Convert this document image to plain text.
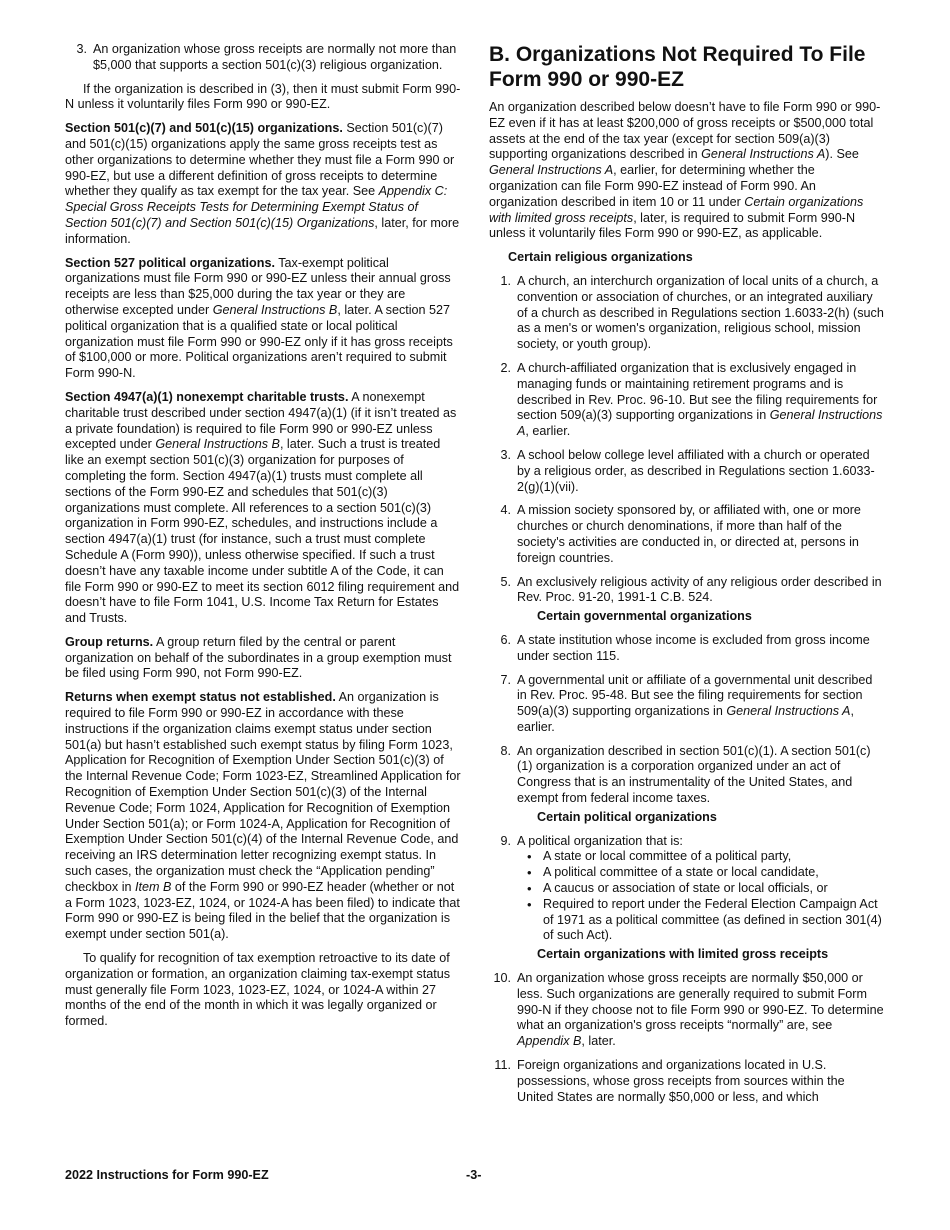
3. An organization whose gross receipts are normally not more than $5,000 that supports a section 501(c)(3) religious organization.

If the organization is described in (3), then it must submit Form 990-N unless it voluntarily files Form 990 or 990-EZ.

Section 501(c)(7) and 501(c)(15) organizations. Section 501(c)(7) and 501(c)(15) organizations apply the same gross receipts test as other organizations to determine whether they must file a Form 990 or 990-EZ, but use a different definition of gross receipts to determine whether they qualify as tax exempt for the tax year. See Appendix C: Special Gross Receipts Tests for Determining Exempt Status of Section 501(c)(7) and Section 501(c)(15) Organizations, later, for more information.

Section 527 political organizations. Tax-exempt political organizations must file Form 990 or 990-EZ unless their annual gross receipts are less than $25,000 during the tax year or they are otherwise excepted under General Instructions B, later. A section 527 political organization that is a qualified state or local political organization must file Form 990 or 990-EZ only if it has gross receipts of $100,000 or more. Political organizations aren’t required to submit Form 990-N.

Section 4947(a)(1) nonexempt charitable trusts. A nonexempt charitable trust described under section 4947(a)(1) (if it isn’t treated as a private foundation) is required to file Form 990 or 990-EZ unless excepted under General Instructions B, later. Such a trust is treated like an exempt section 501(c)(3) organization for purposes of completing the form. Section 4947(a)(1) trusts must complete all sections of the Form 990-EZ and schedules that 501(c)(3) organizations must complete. All references to a section 501(c)(3) organization in Form 990-EZ, schedules, and instructions include a section 4947(a)(1) trust (for instance, such a trust must complete Schedule A (Form 990)), unless otherwise specified. If such a trust doesn’t have any taxable income under subtitle A of the Code, it can file Form 990 or 990-EZ to meet its section 6012 filing requirement and doesn’t have to file Form 1041, U.S. Income Tax Return for Estates and Trusts.

Group returns. A group return filed by the central or parent organization on behalf of the subordinates in a group exemption must be filed using Form 990, not Form 990-EZ.

Returns when exempt status not established. An organization is required to file Form 990 or 990-EZ in accordance with these instructions if the organization claims exempt status under section 501(a) but hasn’t established such exempt status by filing Form 1023, Application for Recognition of Exemption Under Section 501(c)(3) of the Internal Revenue Code; Form 1023-EZ, Streamlined Application for Recognition of Exemption Under Section 501(c)(3) of the Internal Revenue Code; Form 1024, Application for Recognition of Exemption Under Section 501(a); or Form 1024-A, Application for Recognition of Exemption Under Section 501(c)(4) of the Internal Revenue Code, and receiving an IRS determination letter recognizing exempt status. In such cases, the organization must check the “Application pending” checkbox in Item B of the Form 990 or 990-EZ header (whether or not a Form 1023, 1023-EZ, 1024, or 1024-A has been filed) to indicate that Form 990 or 990-EZ is being filed in the belief that the organization is exempt under section 501(a).

To qualify for recognition of tax exemption retroactive to its date of organization or formation, an organization claiming tax-exempt status must generally file Form 1023, 1023-EZ, 1024, or 1024-A within 27 months of the end of the month in which it was legally organized or formed.

B. Organizations Not Required To File Form 990 or 990-EZ

An organization described below doesn’t have to file Form 990 or 990-EZ even if it has at least $200,000 of gross receipts or $500,000 total assets at the end of the tax year (except for section 509(a)(3) supporting organizations described in General Instructions A). See General Instructions A, earlier, for determining whether the organization can file Form 990-EZ instead of Form 990. An organization described in item 10 or 11 under Certain organizations with limited gross receipts, later, is required to submit Form 990-N unless it voluntarily files Form 990 or 990-EZ, as applicable.

Certain religious organizations
1. A church, an interchurch organization of local units of a church, a convention or association of churches, or an integrated auxiliary of a church as described in Regulations section 1.6033-2(h) (such as a men's or women's organization, religious school, mission society, or youth group).
2. A church-affiliated organization that is exclusively engaged in managing funds or maintaining retirement programs and is described in Rev. Proc. 96-10. But see the filing requirements for section 509(a)(3) supporting organizations in General Instructions A, earlier.
3. A school below college level affiliated with a church or operated by a religious order, as described in Regulations section 1.6033-2(g)(1)(vii).
4. A mission society sponsored by, or affiliated with, one or more churches or church denominations, if more than half of the society's activities are conducted in, or directed at, persons in foreign countries.
5. An exclusively religious activity of any religious order described in Rev. Proc. 91-20, 1991-1 C.B. 524.
Certain governmental organizations
6. A state institution whose income is excluded from gross income under section 115.
7. A governmental unit or affiliate of a governmental unit described in Rev. Proc. 95-48. But see the filing requirements for section 509(a)(3) supporting organizations in General Instructions A, earlier.
8. An organization described in section 501(c)(1). A section 501(c)(1) organization is a corporation organized under an act of Congress that is an instrumentality of the United States, and exempt from federal income taxes.
Certain political organizations
9. A political organization that is:
• A state or local committee of a political party,
• A political committee of a state or local candidate,
• A caucus or association of state or local officials, or
• Required to report under the Federal Election Campaign Act of 1971 as a political committee (as defined in section 301(4) of such Act).
Certain organizations with limited gross receipts
10. An organization whose gross receipts are normally $50,000 or less. Such organizations are generally required to submit Form 990-N if they choose not to file Form 990 or 990-EZ. To determine what an organization's gross receipts “normally” are, see Appendix B, later.
11. Foreign organizations and organizations located in U.S. possessions, whose gross receipts from sources within the United States are normally $50,000 or less, and which
2022 Instructions for Form 990-EZ	-3-
